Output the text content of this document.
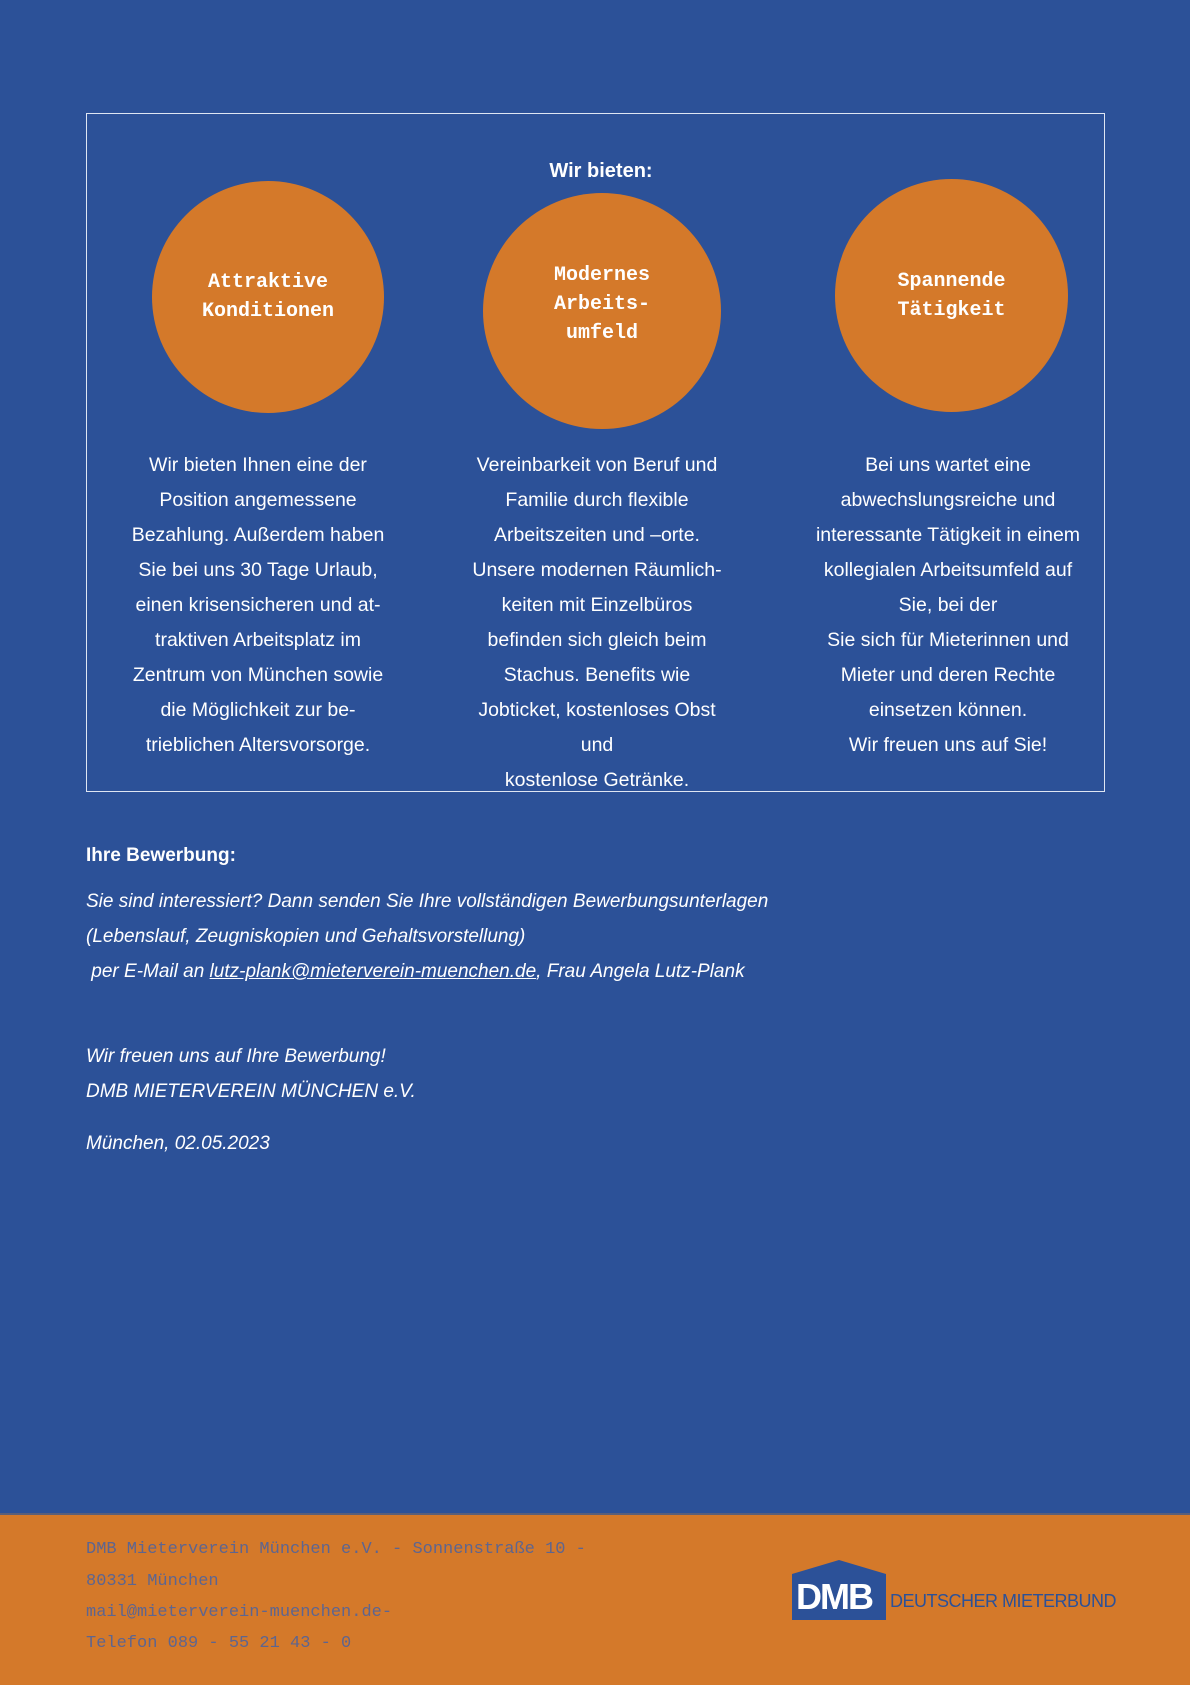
Wir bieten:
Attraktive
Konditionen
Modernes
Arbeits-
umfeld
Spannende
Tätigkeit
Wir bieten Ihnen eine der
Position angemessene
Bezahlung. Außerdem haben
Sie bei uns 30 Tage Urlaub,
einen krisensicheren und at-
traktiven Arbeitsplatz im
Zentrum von München sowie
die Möglichkeit zur be-
trieblichen Altersvorsorge.
Vereinbarkeit von Beruf und
Familie durch flexible
Arbeitszeiten und –orte.
Unsere modernen Räumlich-
keiten mit Einzelbüros
befinden sich gleich beim
Stachus. Benefits wie
Jobticket, kostenloses Obst
und
kostenlose Getränke.
Bei uns wartet eine
abwechslungsreiche und
interessante Tätigkeit in einem
kollegialen Arbeitsumfeld auf
Sie, bei der
Sie sich für Mieterinnen und
Mieter und deren Rechte
einsetzen können.
Wir freuen uns auf Sie!
Ihre Bewerbung:
Sie sind interessiert? Dann senden Sie Ihre vollständigen Bewerbungsunterlagen
(Lebenslauf, Zeugniskopien und Gehaltsvorstellung)
per E-Mail an lutz-plank@mieterverein-muenchen.de, Frau Angela Lutz-Plank
Wir freuen uns auf Ihre Bewerbung!
DMB MIETERVEREIN MÜNCHEN e.V.
München, 02.05.2023
DMB Mieterverein München e.V. - Sonnenstraße 10 -
80331 München
mail@mieterverein-muenchen.de-
Telefon 089 - 55 21 43 - 0
DMB DEUTSCHER MIETERBUND
